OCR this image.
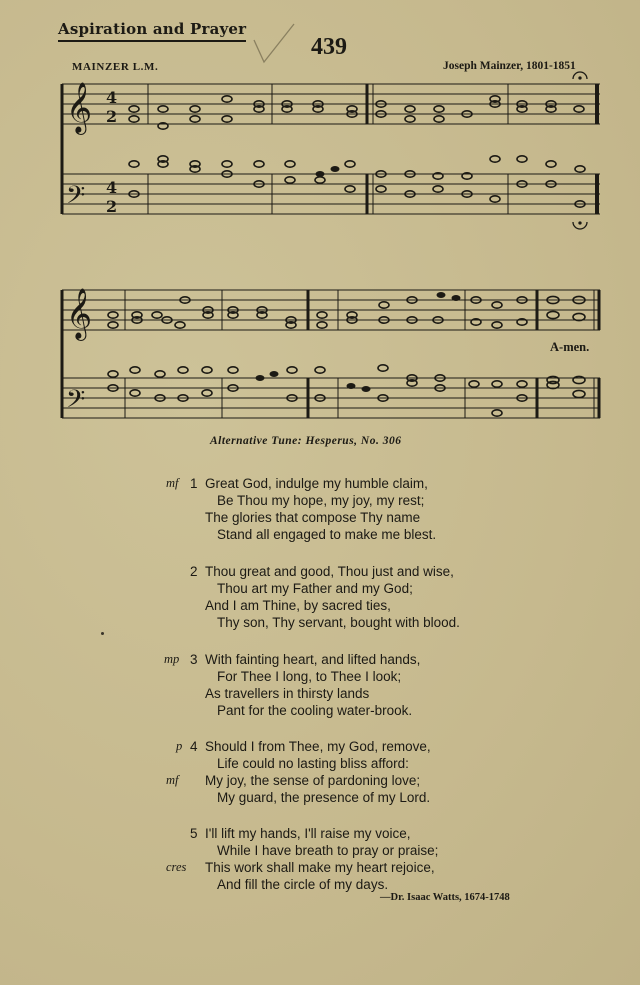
Aspiration and Prayer
439
MAINZER L.M.	Joseph Mainzer, 1801-1851
𝄞
𝄢
4
2
4
2
𝄞
𝄢
A-men.
Alternative Tune: Hesperus, No. 306
mf 1 Great God, indulge my humble claim,
Be Thou my hope, my joy, my rest;
The glories that compose Thy name
Stand all engaged to make me blest.
2 Thou great and good, Thou just and wise,
Thou art my Father and my God;
And I am Thine, by sacred ties,
Thy son, Thy servant, bought with blood.
mp 3 With fainting heart, and lifted hands,
For Thee I long, to Thee I look;
As travellers in thirsty lands
Pant for the cooling water-brook.
p 4 Should I from Thee, my God, remove,
Life could no lasting bliss afford:
mf My joy, the sense of pardoning love;
My guard, the presence of my Lord.
5 I'll lift my hands, I'll raise my voice,
While I have breath to pray or praise;
cres This work shall make my heart rejoice,
And fill the circle of my days.
—Dr. Isaac Watts, 1674-1748
